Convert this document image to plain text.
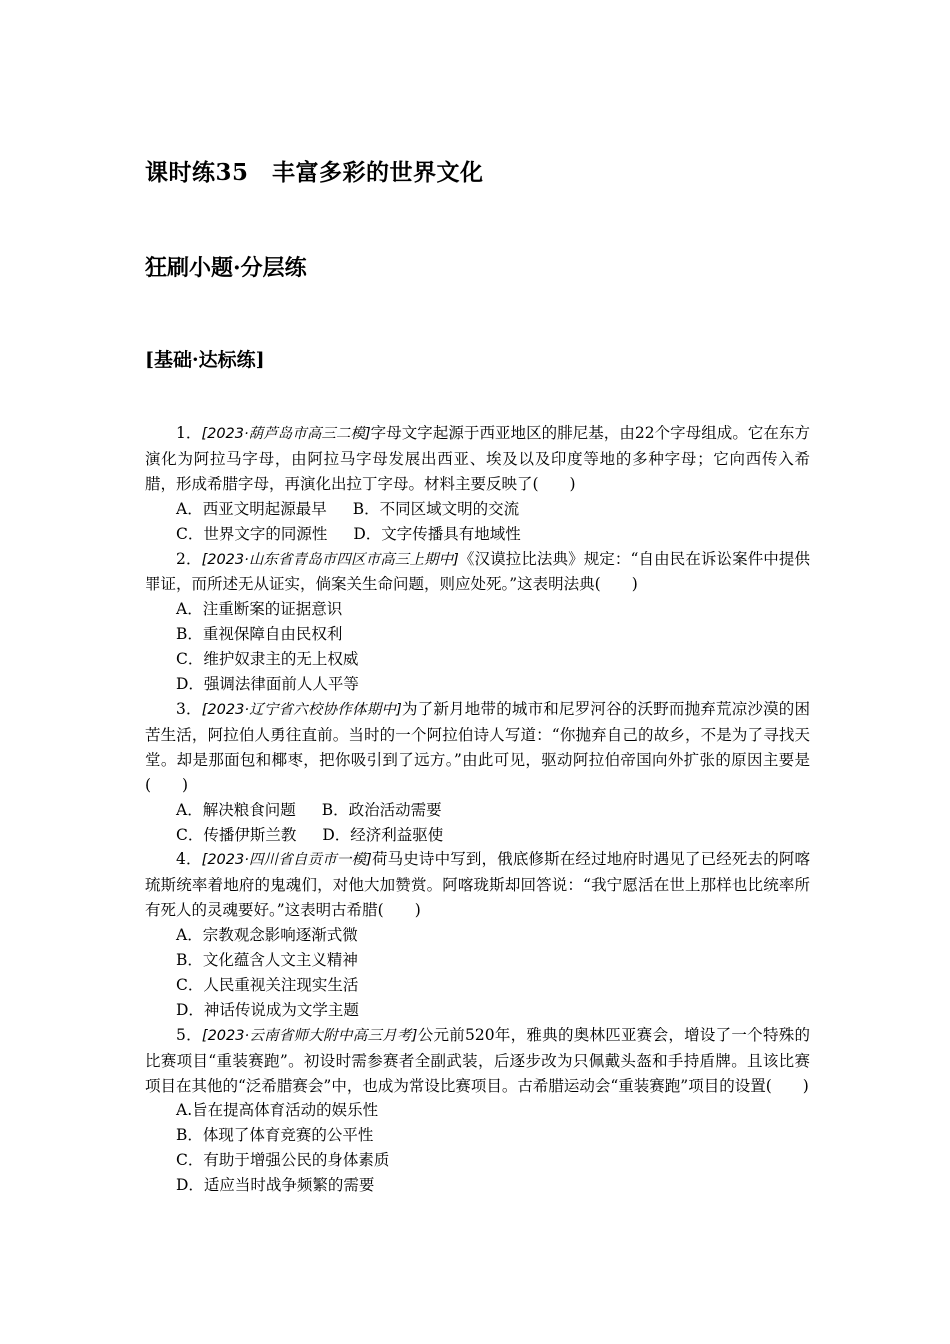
课时练35　丰富多彩的世界文化
狂刷小题·分层练
[基础·达标练]
1．[2023·葫芦岛市高三二模]字母文字起源于西亚地区的腓尼基，由22个字母组成。它在东方演化为阿拉马字母，由阿拉马字母发展出西亚、埃及以及印度等地的多种字母；它向西传入希腊，形成希腊字母，再演化出拉丁字母。材料主要反映了(　　)
A．西亚文明起源最早 B．不同区域文明的交流
C．世界文字的同源性 D．文字传播具有地域性
2．[2023·山东省青岛市四区市高三上期中]《汉谟拉比法典》规定：“自由民在诉讼案件中提供罪证，而所述无从证实，倘案关生命问题，则应处死。”这表明法典(　　)
A．注重断案的证据意识
B．重视保障自由民权利
C．维护奴隶主的无上权威
D．强调法律面前人人平等
3．[2023·辽宁省六校协作体期中]为了新月地带的城市和尼罗河谷的沃野而抛弃荒凉沙漠的困苦生活，阿拉伯人勇往直前。当时的一个阿拉伯诗人写道：“你抛弃自己的故乡，不是为了寻找天堂。却是那面包和椰枣，把你吸引到了远方。”由此可见，驱动阿拉伯帝国向外扩张的原因主要是(　　)
A．解决粮食问题 B．政治活动需要
C．传播伊斯兰教 D．经济利益驱使
4．[2023·四川省自贡市一模]荷马史诗中写到，俄底修斯在经过地府时遇见了已经死去的阿喀琉斯统率着地府的鬼魂们，对他大加赞赏。阿喀珑斯却回答说：“我宁愿活在世上那样也比统率所有死人的灵魂要好。”这表明古希腊(　　)
A．宗教观念影响逐渐式微
B．文化蕴含人文主义精神
C．人民重视关注现实生活
D．神话传说成为文学主题
5．[2023·云南省师大附中高三月考]公元前520年，雅典的奥林匹亚赛会，增设了一个特殊的比赛项目“重装赛跑”。初设时需参赛者全副武装，后逐步改为只佩戴头盔和手持盾牌。且该比赛项目在其他的“泛希腊赛会”中，也成为常设比赛项目。古希腊运动会“重装赛跑”项目的设置(　　)
A.旨在提高体育活动的娱乐性
B．体现了体育竞赛的公平性
C．有助于增强公民的身体素质
D．适应当时战争频繁的需要
